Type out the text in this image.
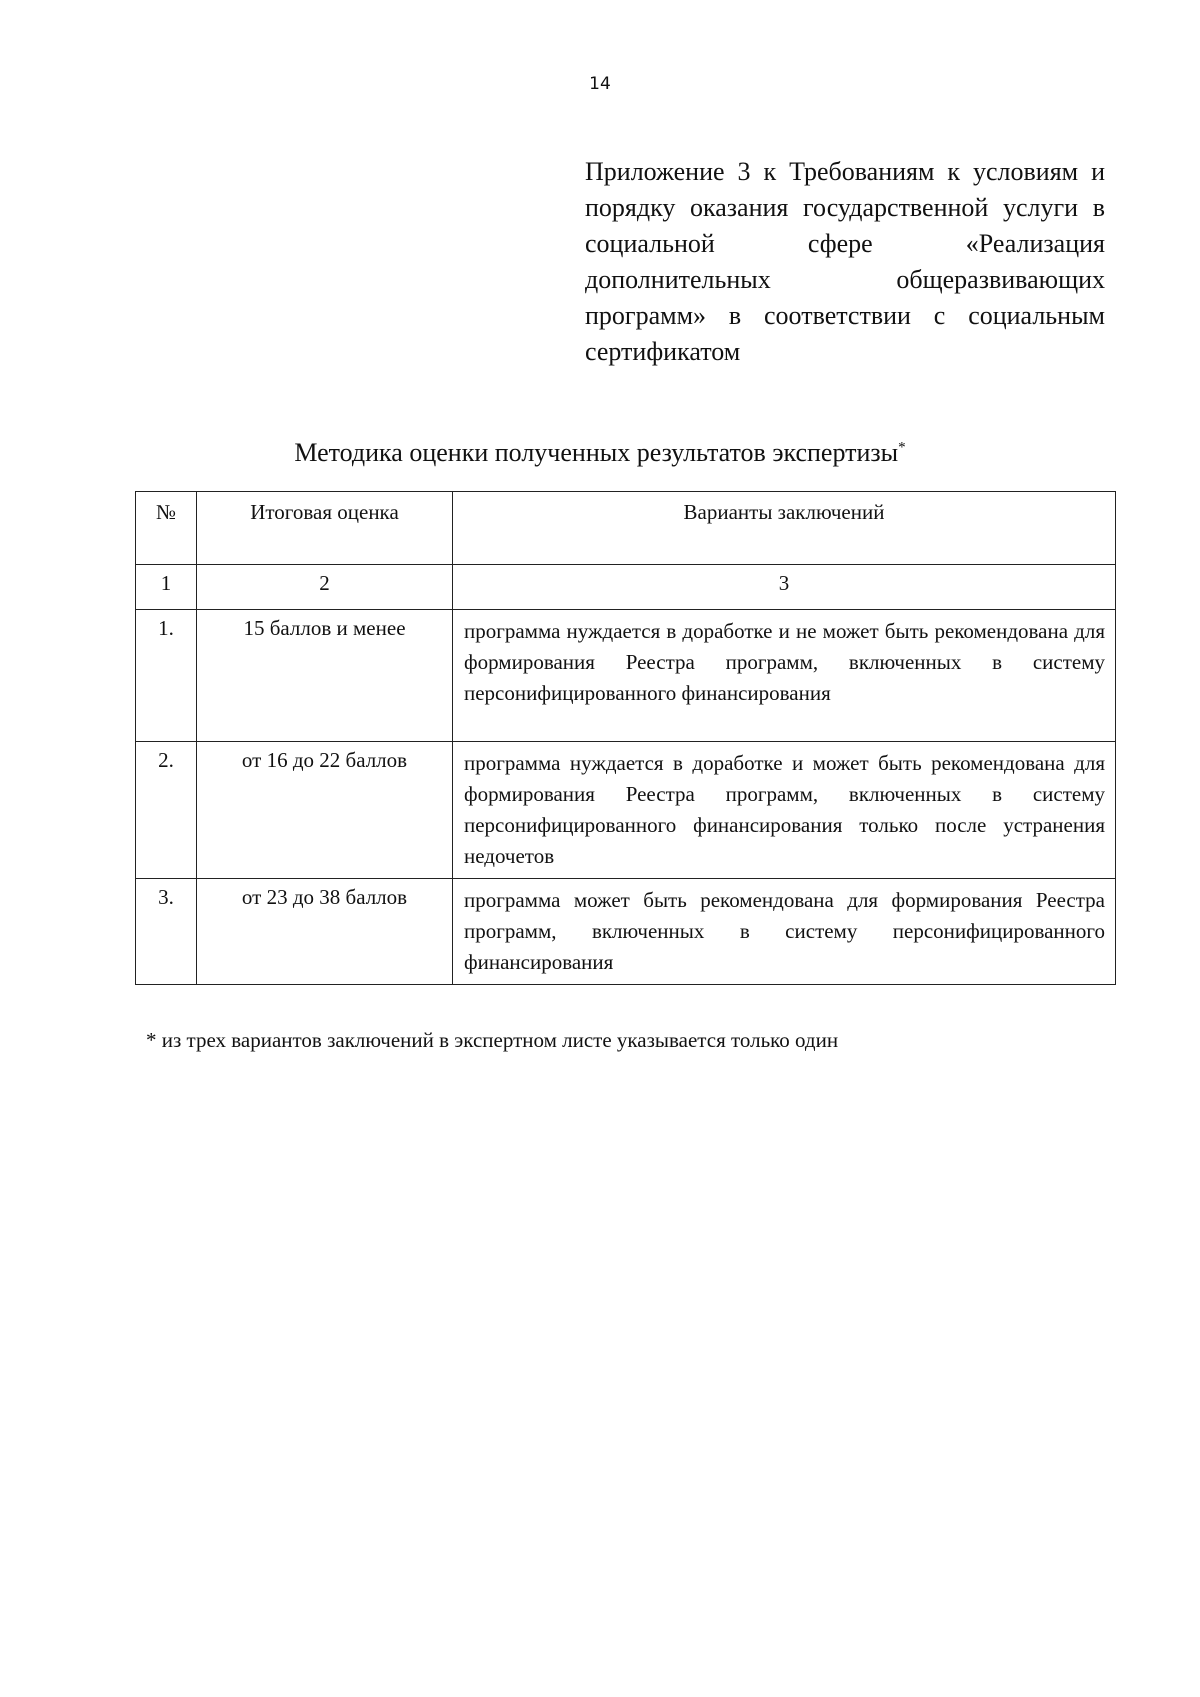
14
Приложение 3 к Требованиям к условиям и порядку оказания государственной услуги в социальной сфере «Реализация дополнительных общеразвивающих программ» в соответствии с социальным сертификатом
Методика оценки полученных результатов экспертизы*
№	Итоговая оценка	Варианты заключений

1	2	3

1.	15 баллов и менее	программа нуждается в доработке и не может быть рекомендована для формирования Реестра программ, включенных в систему персонифицированного финансирования

2.	от 16 до 22 баллов	программа нуждается в доработке и может быть рекомендована для формирования Реестра программ, включенных в систему персонифицированного финансирования только после устранения недочетов

3.	от 23 до 38 баллов	программа может быть рекомендована для формирования Реестра программ, включенных в систему персонифицированного финансирования
* из трех вариантов заключений в экспертном листе указывается только один
